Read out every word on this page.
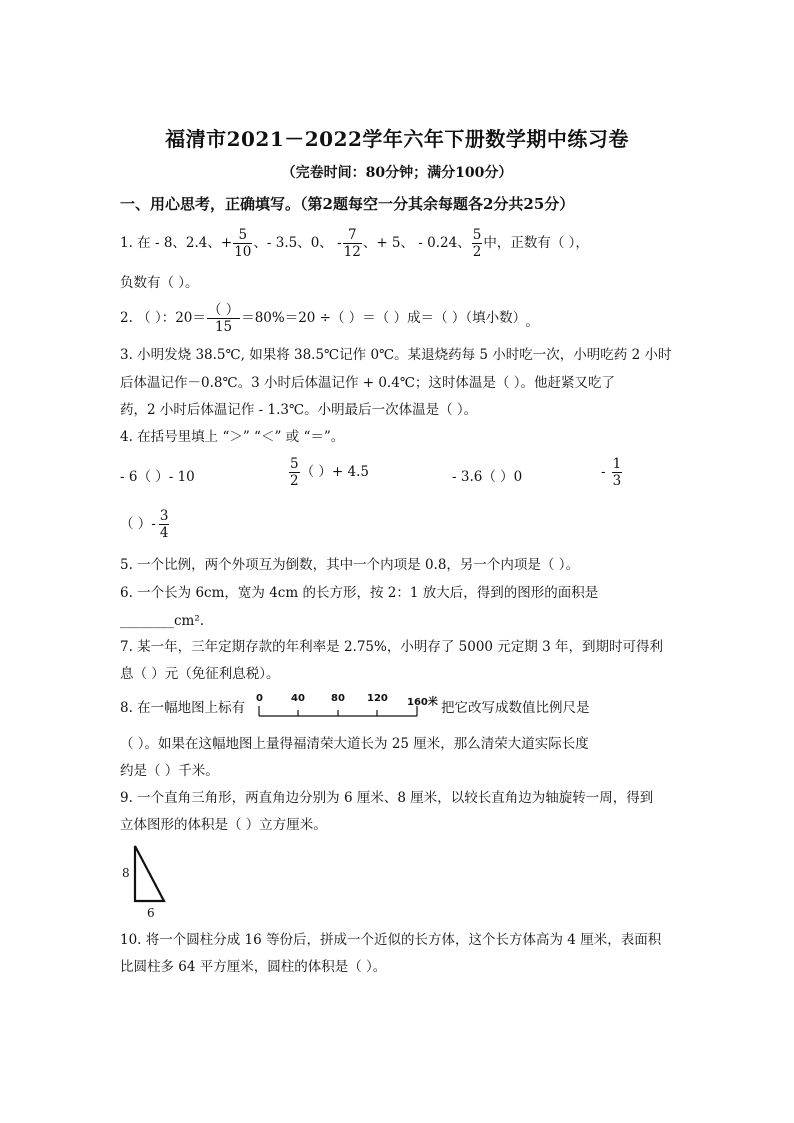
福清市2021－2022学年六年下册数学期中练习卷
（完卷时间：80分钟；满分100分）
一、用心思考，正确填写。（第2题每空一分其余每题各2分共25分）
1. 在 - 8、2.4、+ $\frac{5}{10}$ 、- 3.5、0、 - $\frac{7}{12}$ 、+ 5、 - 0.24、 $\frac{5}{2}$ 中，正数有（ ），
负数有（ ）。
2. （ ）：$20= \frac{( )}{15} =80\%=20$ ÷（ ）＝（ ）成＝（ ）（填小数） 。
3. 小明发烧 38.5℃, 如果将 38.5℃记作 0℃。某退烧药每 5 小时吃一次，小明吃药 2 小时
后体温记作－0.8℃。3 小时后体温记作 + 0.4℃；这时体温是（ ）。他赶紧又吃了
药，2 小时后体温记作 - 1.3℃。小明最后一次体温是（ ）。
4. 在括号里填上 “＞” “＜” 或 “＝”。
- 6（ ）- 10	$\frac{5}{2}$ （ ）+ 4.5	- 3.6（ ）0	- $\frac{1}{3}$
（ ）- $\frac{3}{4}$
5. 一个比例，两个外项互为倒数，其中一个内项是 0.8，另一个内项是（ ）。
6. 一个长为 6cm，宽为 4cm 的长方形，按 2：1 放大后，得到的图形的面积是
________cm².
7. 某一年，三年定期存款的年利率是 2.75%，小明存了 5000 元定期 3 年，到期时可得利
息（ ）元（免征利息税）。
8. 在一幅地图上标有
0	40	80 120 160米 把它改写成数值比例尺是
（ ）。如果在这幅地图上量得福清荣大道长为 25 厘米，那么清荣大道实际长度
约是（ ）千米。
9. 一个直角三角形，两直角边分别为 6 厘米、8 厘米，以较长直角边为轴旋转一周，得到
立体图形的体积是（ ）立方厘米。
8
6
10. 将一个圆柱分成 16 等份后，拼成一个近似的长方体，这个长方体高为 4 厘米，表面积
比圆柱多 64 平方厘米，圆柱的体积是（ ）。
